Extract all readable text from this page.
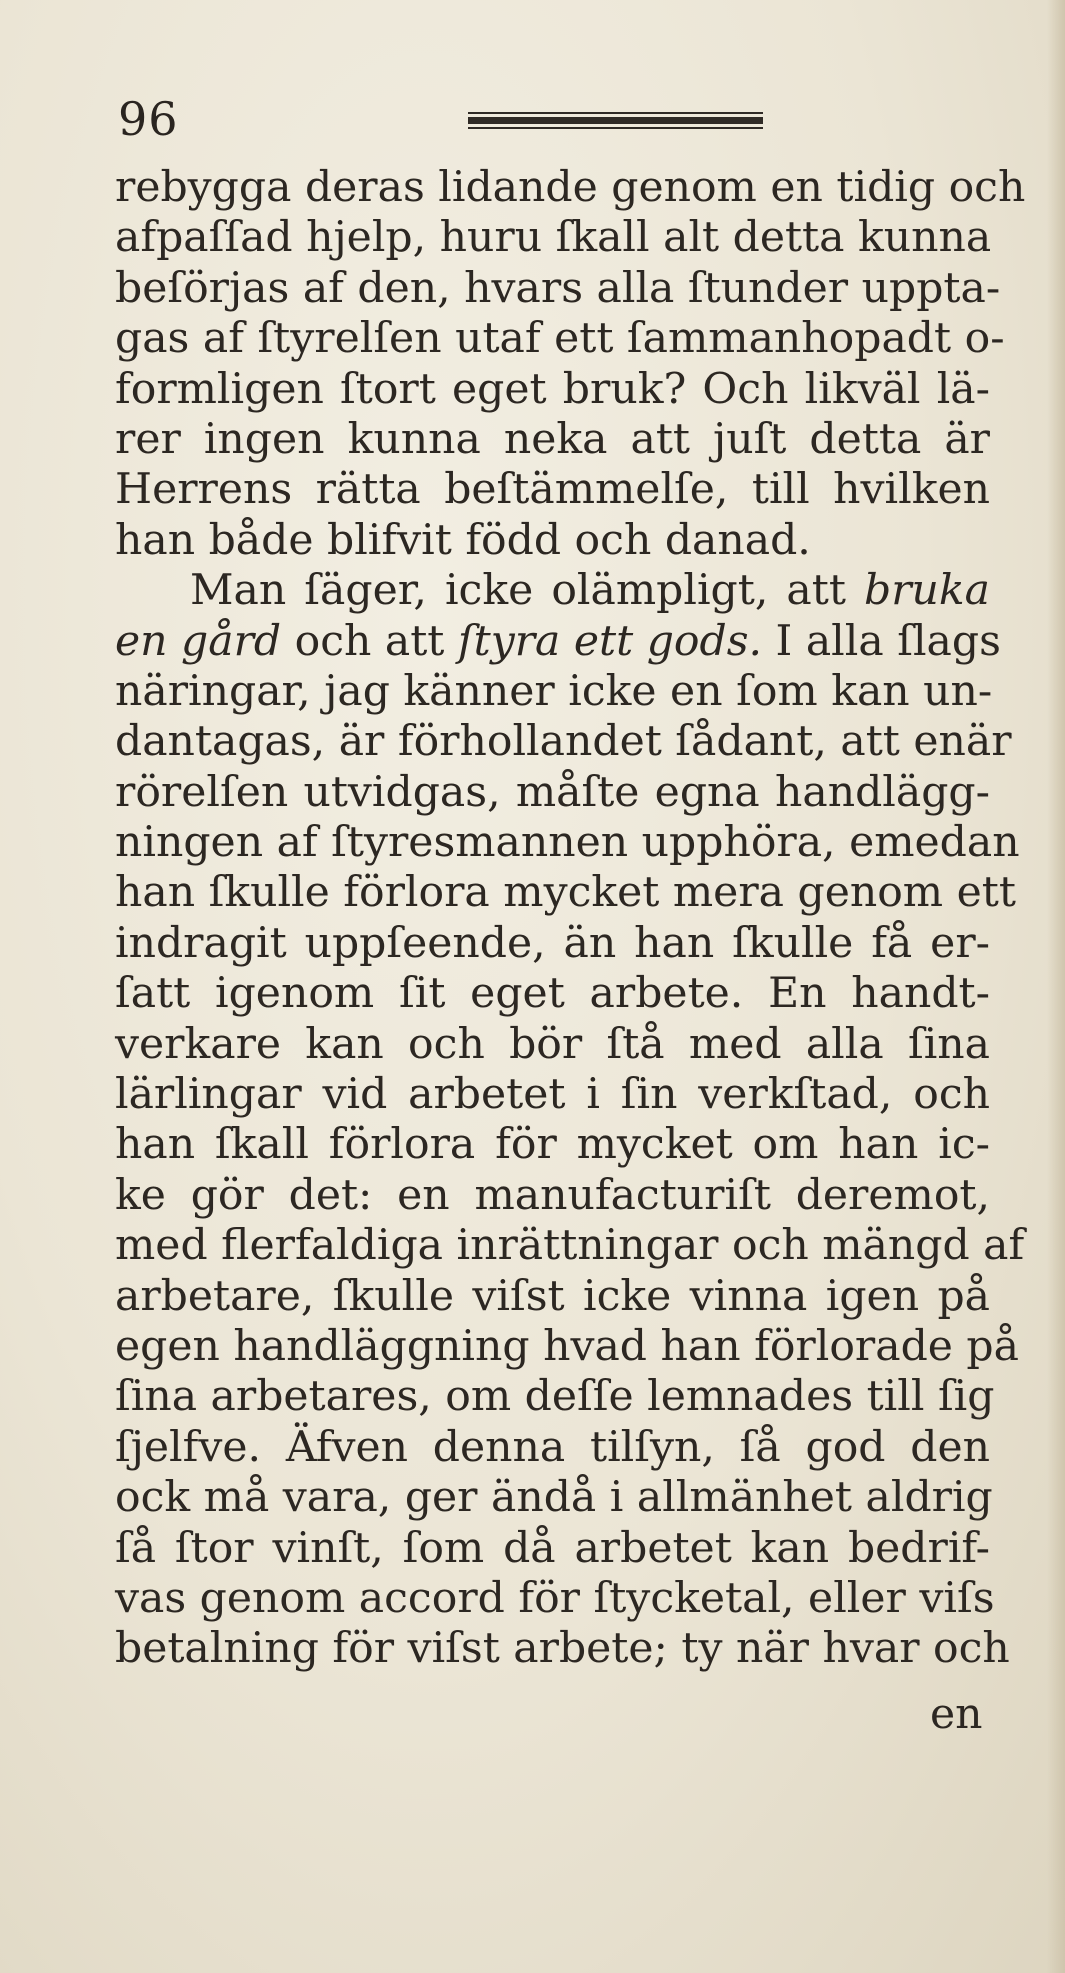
96
rebygga deras lidande genom en tidig och
afpaſſad hjelp, huru ſkall alt detta kunna
beſörjas af den, hvars alla ſtunder uppta-
gas af ſtyrelſen utaf ett ſammanhopadt o-
formligen ſtort eget bruk? Och likväl lä-
rer ingen kunna neka att juſt detta är
Herrens rätta beſtämmelſe, till hvilken
han både blifvit född och danad.
Man ſäger, icke olämpligt, att bruka
en gård och att ſtyra ett gods. I alla ſlags
näringar, jag känner icke en ſom kan un-
dantagas, är förhollandet ſådant, att enär
rörelſen utvidgas, måſte egna handlägg-
ningen af ſtyresmannen upphöra, emedan
han ſkulle förlora mycket mera genom ett
indragit uppſeende, än han ſkulle få er-
ſatt igenom ſit eget arbete. En handt-
verkare kan och bör ſtå med alla ſina
lärlingar vid arbetet i ſin verkſtad, och
han ſkall förlora för mycket om han ic-
ke gör det: en manufacturiſt deremot,
med flerfaldiga inrättningar och mängd af
arbetare, ſkulle viſst icke vinna igen på
egen handläggning hvad han förlorade på
ſina arbetares, om deſſe lemnades till ſig
ſjelfve. Äfven denna tilſyn, ſå god den
ock må vara, ger ändå i allmänhet aldrig
ſå ſtor vinſt, ſom då arbetet kan bedrif-
vas genom accord för ſtycketal, eller viſs
betalning för viſst arbete; ty när hvar och
en
